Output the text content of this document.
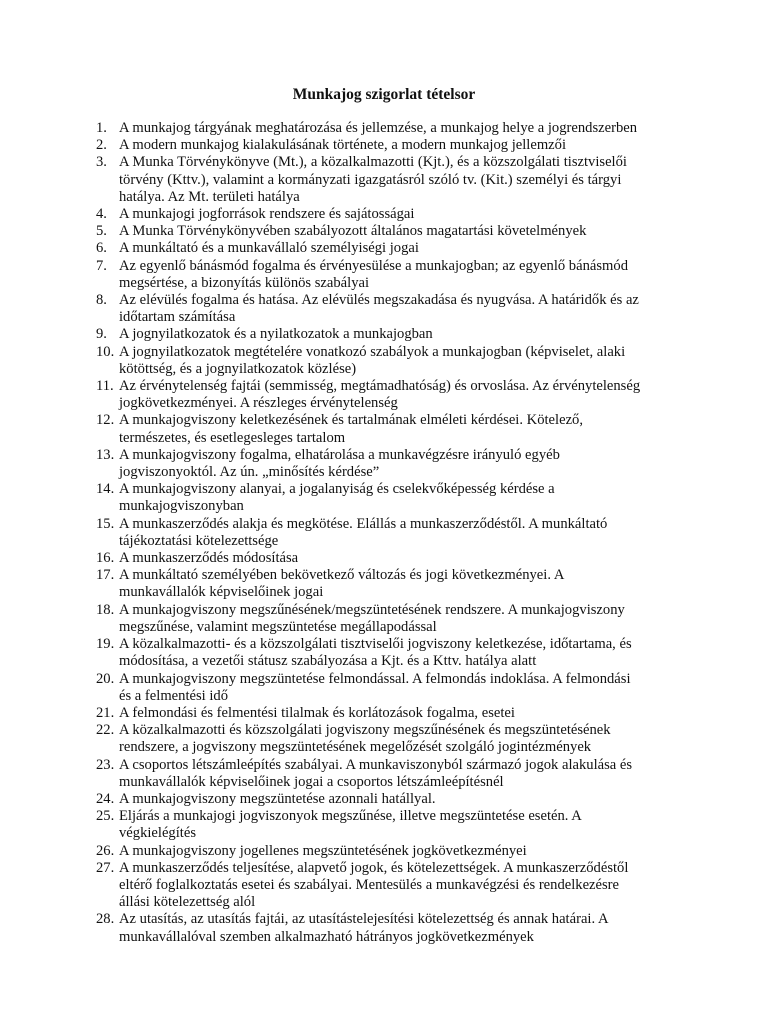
Munkajog szigorlat tételsor
1. A munkajog tárgyának meghatározása és jellemzése, a munkajog helye a jogrendszerben
2. A modern munkajog kialakulásának története, a modern munkajog jellemzői
3. A Munka Törvénykönyve (Mt.), a közalkalmazotti (Kjt.), és a közszolgálati tisztviselői
törvény (Kttv.), valamint a kormányzati igazgatásról szóló tv. (Kit.) személyi és tárgyi
hatálya. Az Mt. területi hatálya
4. A munkajogi jogforrások rendszere és sajátosságai
5. A Munka Törvénykönyvében szabályozott általános magatartási követelmények
6. A munkáltató és a munkavállaló személyiségi jogai
7. Az egyenlő bánásmód fogalma és érvényesülése a munkajogban; az egyenlő bánásmód
megsértése, a bizonyítás különös szabályai
8. Az elévülés fogalma és hatása. Az elévülés megszakadása és nyugvása. A határidők és az
időtartam számítása
9. A jognyilatkozatok és a nyilatkozatok a munkajogban
10. A jognyilatkozatok megtételére vonatkozó szabályok a munkajogban (képviselet, alaki
kötöttség, és a jognyilatkozatok közlése)
11. Az érvénytelenség fajtái (semmisség, megtámadhatóság) és orvoslása. Az érvénytelenség
jogkövetkezményei. A részleges érvénytelenség
12. A munkajogviszony keletkezésének és tartalmának elméleti kérdései. Kötelező,
természetes, és esetlegesleges tartalom
13. A munkajogviszony fogalma, elhatárolása a munkavégzésre irányuló egyéb
jogviszonyoktól. Az ún. „minősítés kérdése”
14. A munkajogviszony alanyai, a jogalanyiság és cselekvőképesség kérdése a
munkajogviszonyban
15. A munkaszerződés alakja és megkötése. Elállás a munkaszerződéstől. A munkáltató
tájékoztatási kötelezettsége
16. A munkaszerződés módosítása
17. A munkáltató személyében bekövetkező változás és jogi következményei. A
munkavállalók képviselőinek jogai
18. A munkajogviszony megszűnésének/megszüntetésének rendszere. A munkajogviszony
megszűnése, valamint megszüntetése megállapodással
19. A közalkalmazotti- és a közszolgálati tisztviselői jogviszony keletkezése, időtartama, és
módosítása, a vezetői státusz szabályozása a Kjt. és a Kttv. hatálya alatt
20. A munkajogviszony megszüntetése felmondással. A felmondás indoklása. A felmondási
és a felmentési idő
21. A felmondási és felmentési tilalmak és korlátozások fogalma, esetei
22. A közalkalmazotti és közszolgálati jogviszony megszűnésének és megszüntetésének
rendszere, a jogviszony megszüntetésének megelőzését szolgáló jogintézmények
23. A csoportos létszámleépítés szabályai. A munkaviszonyból származó jogok alakulása és
munkavállalók képviselőinek jogai a csoportos létszámleépítésnél
24. A munkajogviszony megszüntetése azonnali hatállyal.
25. Eljárás a munkajogi jogviszonyok megszűnése, illetve megszüntetése esetén. A
végkielégítés
26. A munkajogviszony jogellenes megszüntetésének jogkövetkezményei
27. A munkaszerződés teljesítése, alapvető jogok, és kötelezettségek. A munkaszerződéstől
eltérő foglalkoztatás esetei és szabályai. Mentesülés a munkavégzési és rendelkezésre
állási kötelezettség alól
28. Az utasítás, az utasítás fajtái, az utasítástelejesítési kötelezettség és annak határai. A
munkavállalóval szemben alkalmazható hátrányos jogkövetkezmények
